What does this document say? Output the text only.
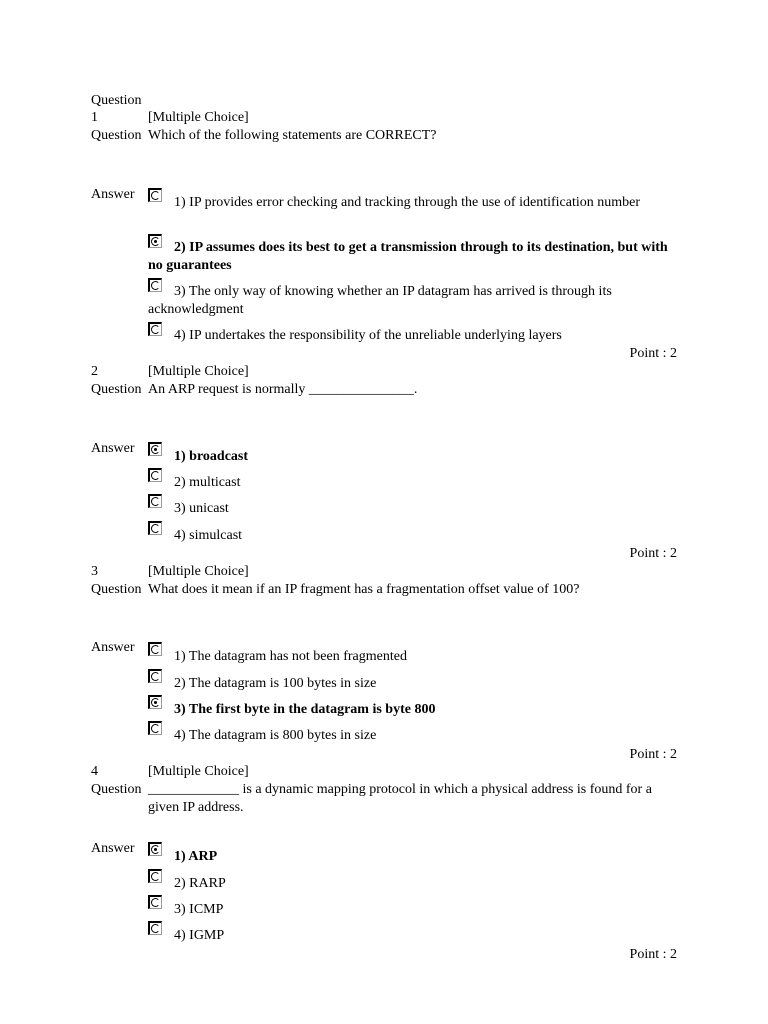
Question
1	[Multiple Choice]
Question Which of the following statements are CORRECT?
Answer
1) IP provides error checking and tracking through the use of identification number
2) IP assumes does its best to get a transmission through to its destination, but with no guarantees
3) The only way of knowing whether an IP datagram has arrived is through its acknowledgment
4) IP undertakes the responsibility of the unreliable underlying layers
Point : 2
2	[Multiple Choice]
Question An ARP request is normally _______________.
Answer
1) broadcast
2) multicast
3) unicast
4) simulcast
Point : 2
3	[Multiple Choice]
Question What does it mean if an IP fragment has a fragmentation offset value of 100?
Answer
1) The datagram has not been fragmented
2) The datagram is 100 bytes in size
3) The first byte in the datagram is byte 800
4) The datagram is 800 bytes in size
Point : 2
4	[Multiple Choice]
Question _____________ is a dynamic mapping protocol in which a physical address is found for a given IP address.
Answer
1) ARP
2) RARP
3) ICMP
4) IGMP
Point : 2
